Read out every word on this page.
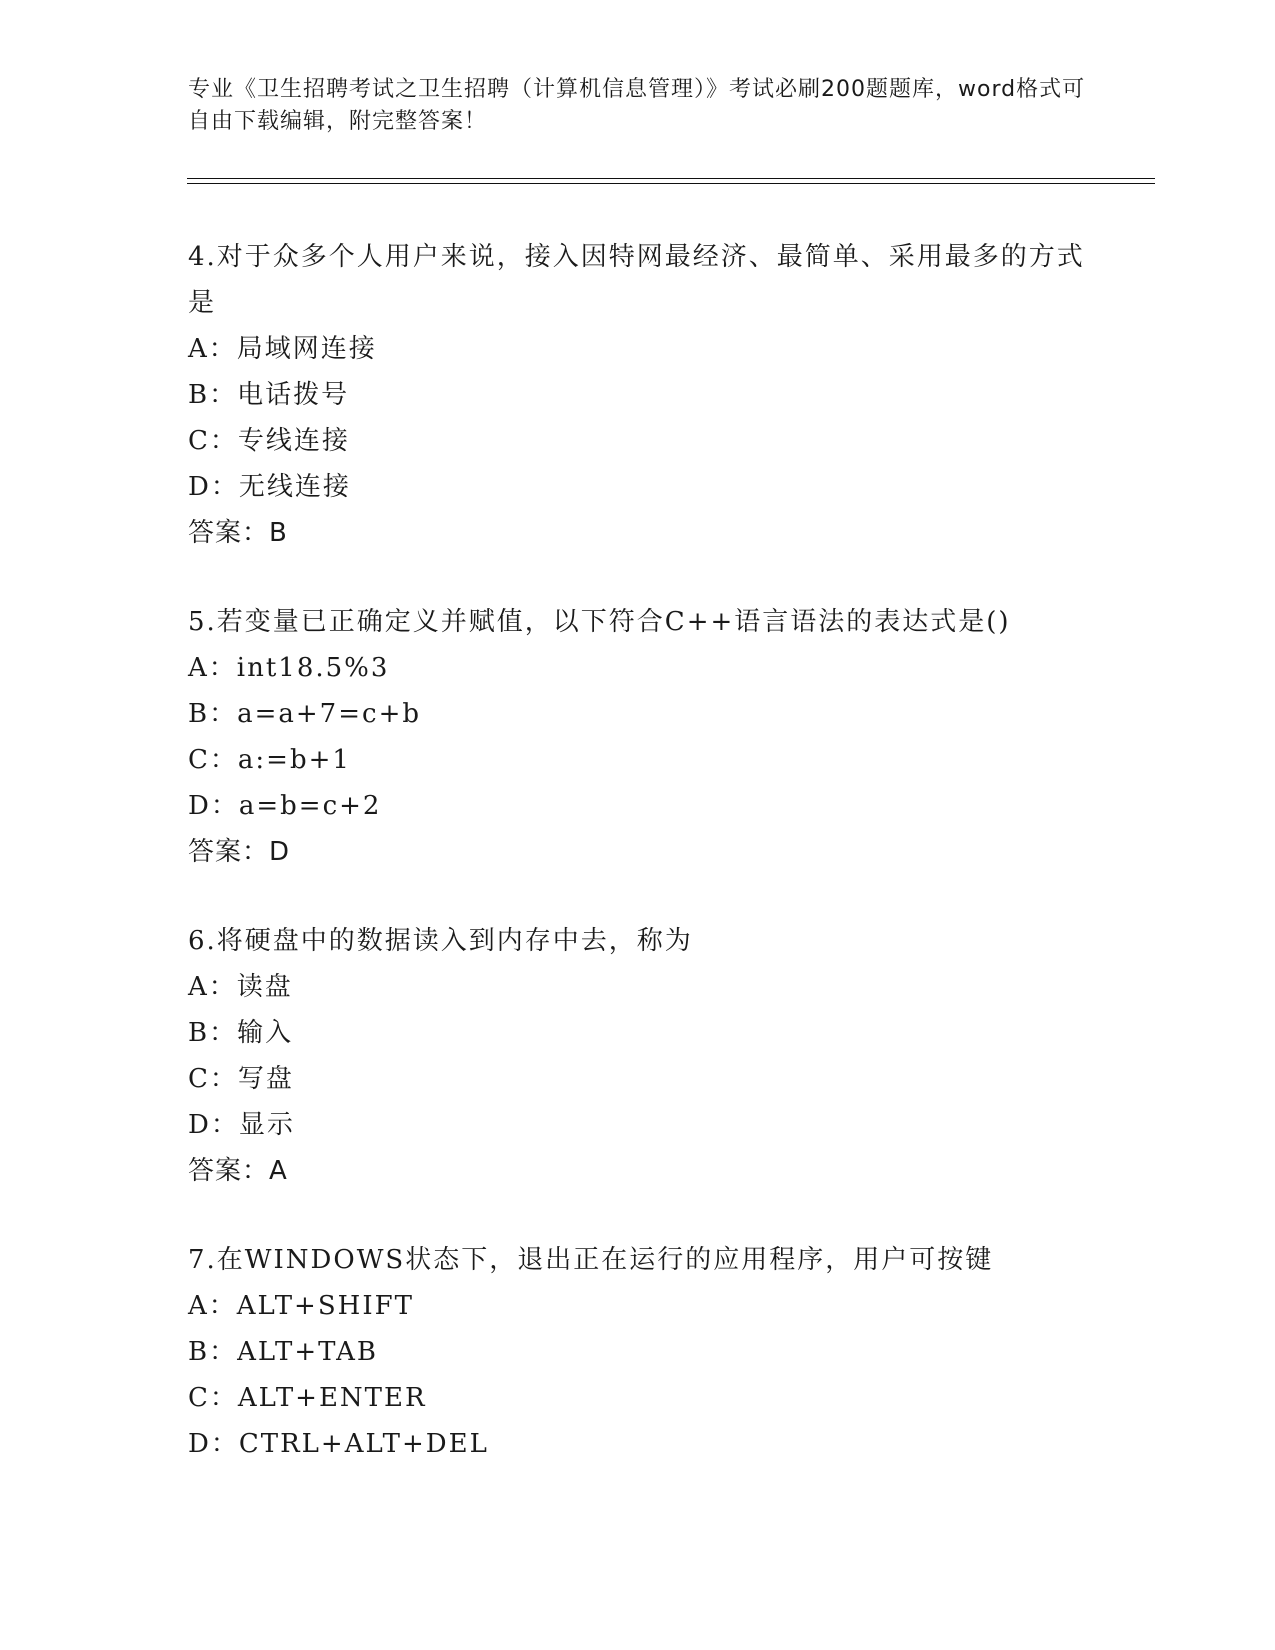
专业《卫生招聘考试之卫生招聘（计算机信息管理）》考试必刷200题题库，word格式可自由下载编辑，附完整答案！
4.对于众多个人用户来说，接入因特网最经济、最简单、采用最多的方式是
A：局域网连接
B：电话拨号
C：专线连接
D：无线连接
答案：B
5.若变量已正确定义并赋值，以下符合C++语言语法的表达式是()
A：int18.5%3
B：a=a+7=c+b
C：a:=b+1
D：a=b=c+2
答案：D
6.将硬盘中的数据读入到内存中去，称为
A：读盘
B：输入
C：写盘
D：显示
答案：A
7.在WINDOWS状态下，退出正在运行的应用程序，用户可按键
A：ALT+SHIFT
B：ALT+TAB
C：ALT+ENTER
D：CTRL+ALT+DEL
